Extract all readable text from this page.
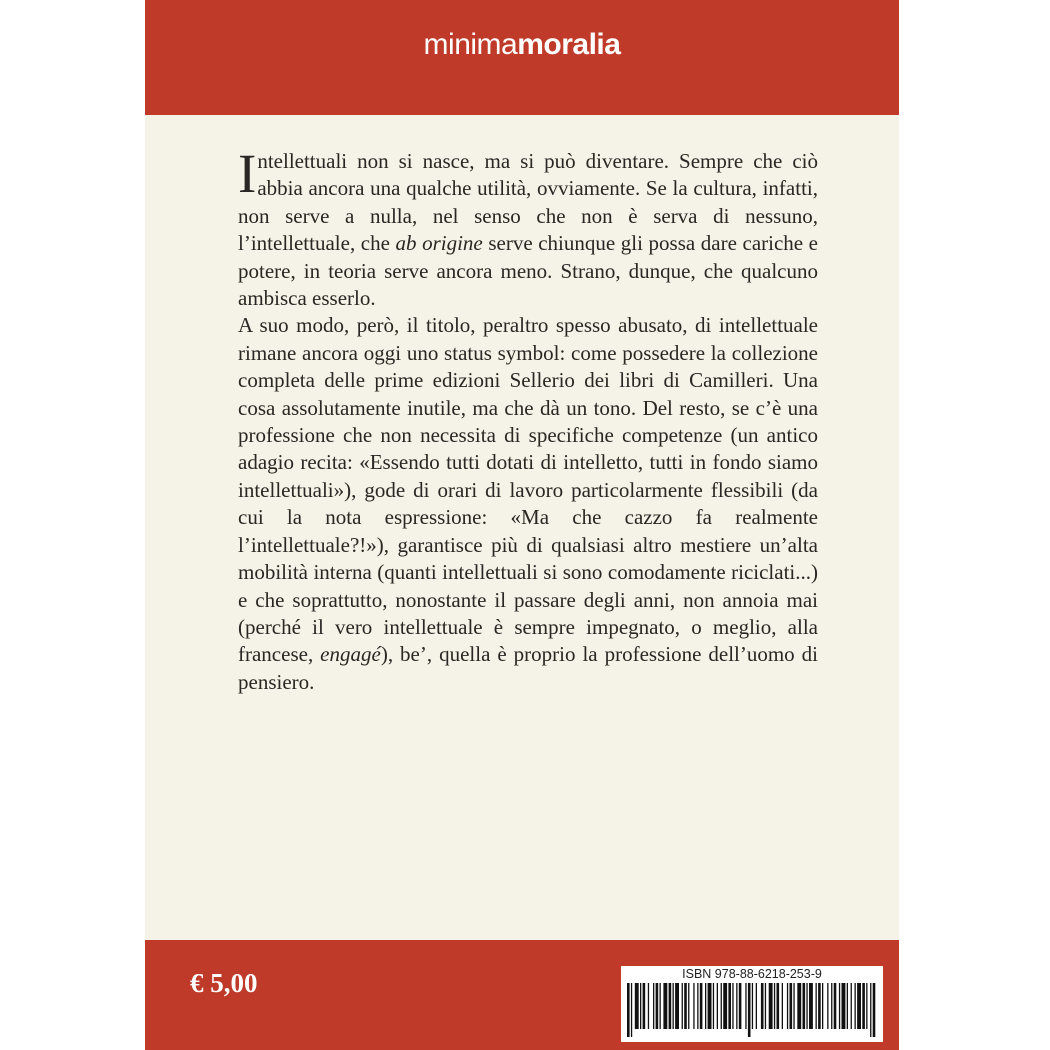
minimamoralia

Intellettuali non si nasce, ma si può diventare. Sempre che ciò abbia ancora una qualche utilità, ovviamente. Se la cultura, infatti, non serve a nulla, nel senso che non è serva di nessuno, l’intellettuale, che ab origine serve chiunque gli possa dare cariche e potere, in teoria serve ancora meno. Strano, dunque, che qualcuno ambisca esserlo.

A suo modo, però, il titolo, peraltro spesso abusato, di intellettuale rimane ancora oggi uno status symbol: come possedere la collezione completa delle prime edizioni Sellerio dei libri di Camilleri. Una cosa assolutamente inutile, ma che dà un tono. Del resto, se c’è una professione che non necessita di specifiche competenze (un antico adagio recita: «Essendo tutti dotati di intelletto, tutti in fondo siamo intellettuali»), gode di orari di lavoro particolarmente flessibili (da cui la nota espressione: «Ma che cazzo fa realmente l’intellettuale?!»), garantisce più di qualsiasi altro mestiere un’alta mobilità interna (quanti intellettuali si sono comodamente riciclati...) e che soprattutto, nonostante il passare degli anni, non annoia mai (perché il vero intellettuale è sempre impegnato, o meglio, alla francese, engagé), be’, quella è proprio la professione dell’uomo di pensiero.

€ 5,00	ISBN 978-88-6218-253-9
